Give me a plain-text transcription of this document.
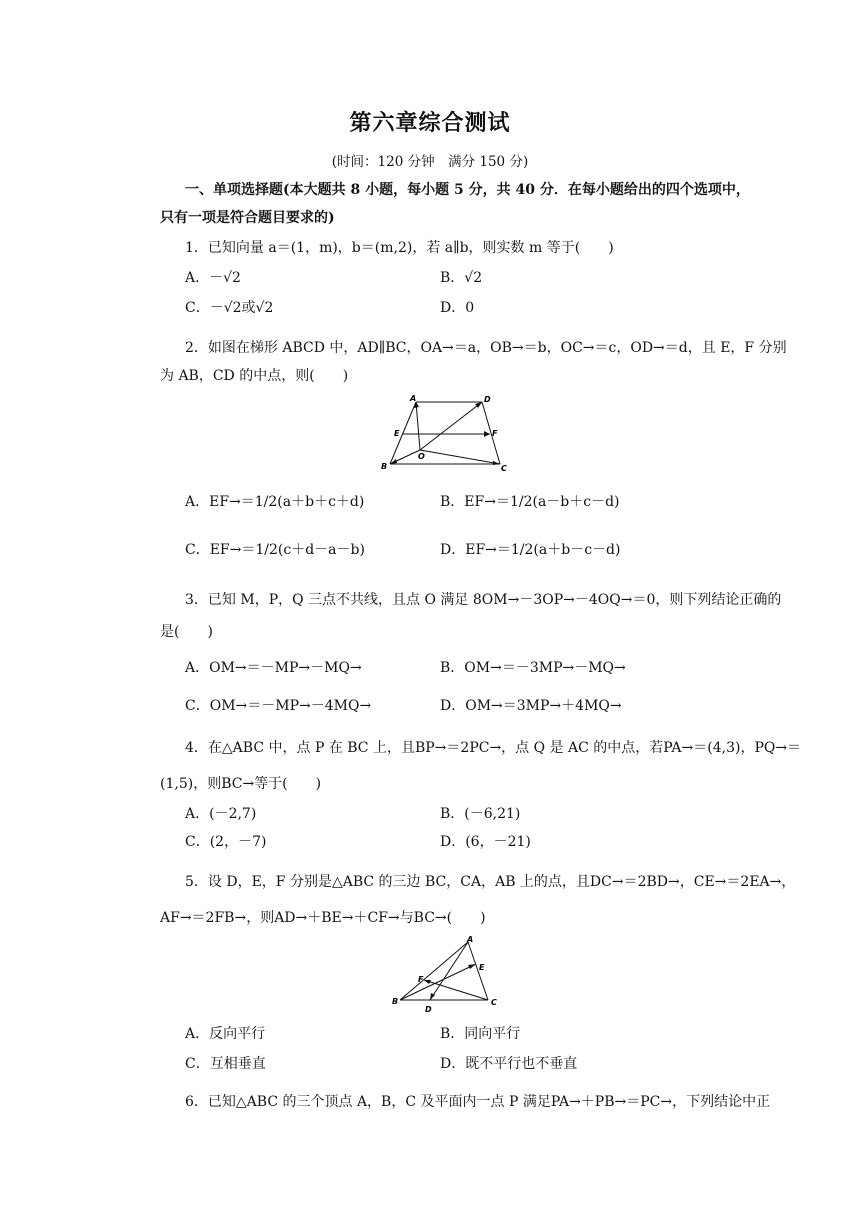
第六章综合测试
(时间：120 分钟　满分 150 分)
一、单项选择题(本大题共 8 小题，每小题 5 分，共 40 分．在每小题给出的四个选项中，
只有一项是符合题目要求的)
1．已知向量 a＝(1，m)，b＝(m,2)，若 a∥b，则实数 m 等于(　　)
A．－√2	B．√2
C．－√2或√2	D．0
2．如图在梯形 ABCD 中，AD∥BC，OA→＝a，OB→＝b，OC→＝c，OD→＝d，且 E，F 分别
为 AB，CD 的中点，则(　　)
A	D
E	F
O
B	C
A．EF→＝1/2(a＋b＋c＋d)	B．EF→＝1/2(a－b＋c－d)
C．EF→＝1/2(c＋d－a－b)	D．EF→＝1/2(a＋b－c－d)
3．已知 M，P，Q 三点不共线，且点 O 满足 8OM→－3OP→－4OQ→＝0，则下列结论正确的
是(　　)
A．OM→＝－MP→－MQ→	B．OM→＝－3MP→－MQ→
C．OM→＝－MP→－4MQ→	D．OM→＝3MP→＋4MQ→
4．在△ABC 中，点 P 在 BC 上，且BP→＝2PC→，点 Q 是 AC 的中点，若PA→＝(4,3)，PQ→＝
(1,5)，则BC→等于(　　)
A．(－2,7)	B．(－6,21)
C．(2，－7)	D．(6，－21)
5．设 D，E，F 分别是△ABC 的三边 BC，CA，AB 上的点，且DC→＝2BD→，CE→＝2EA→，
AF→＝2FB→，则AD→＋BE→＋CF→与BC→(　　)
A
E
F
B
D
C
A．反向平行	B．同向平行
C．互相垂直	D．既不平行也不垂直
6．已知△ABC 的三个顶点 A，B，C 及平面内一点 P 满足PA→＋PB→＝PC→，下列结论中正
